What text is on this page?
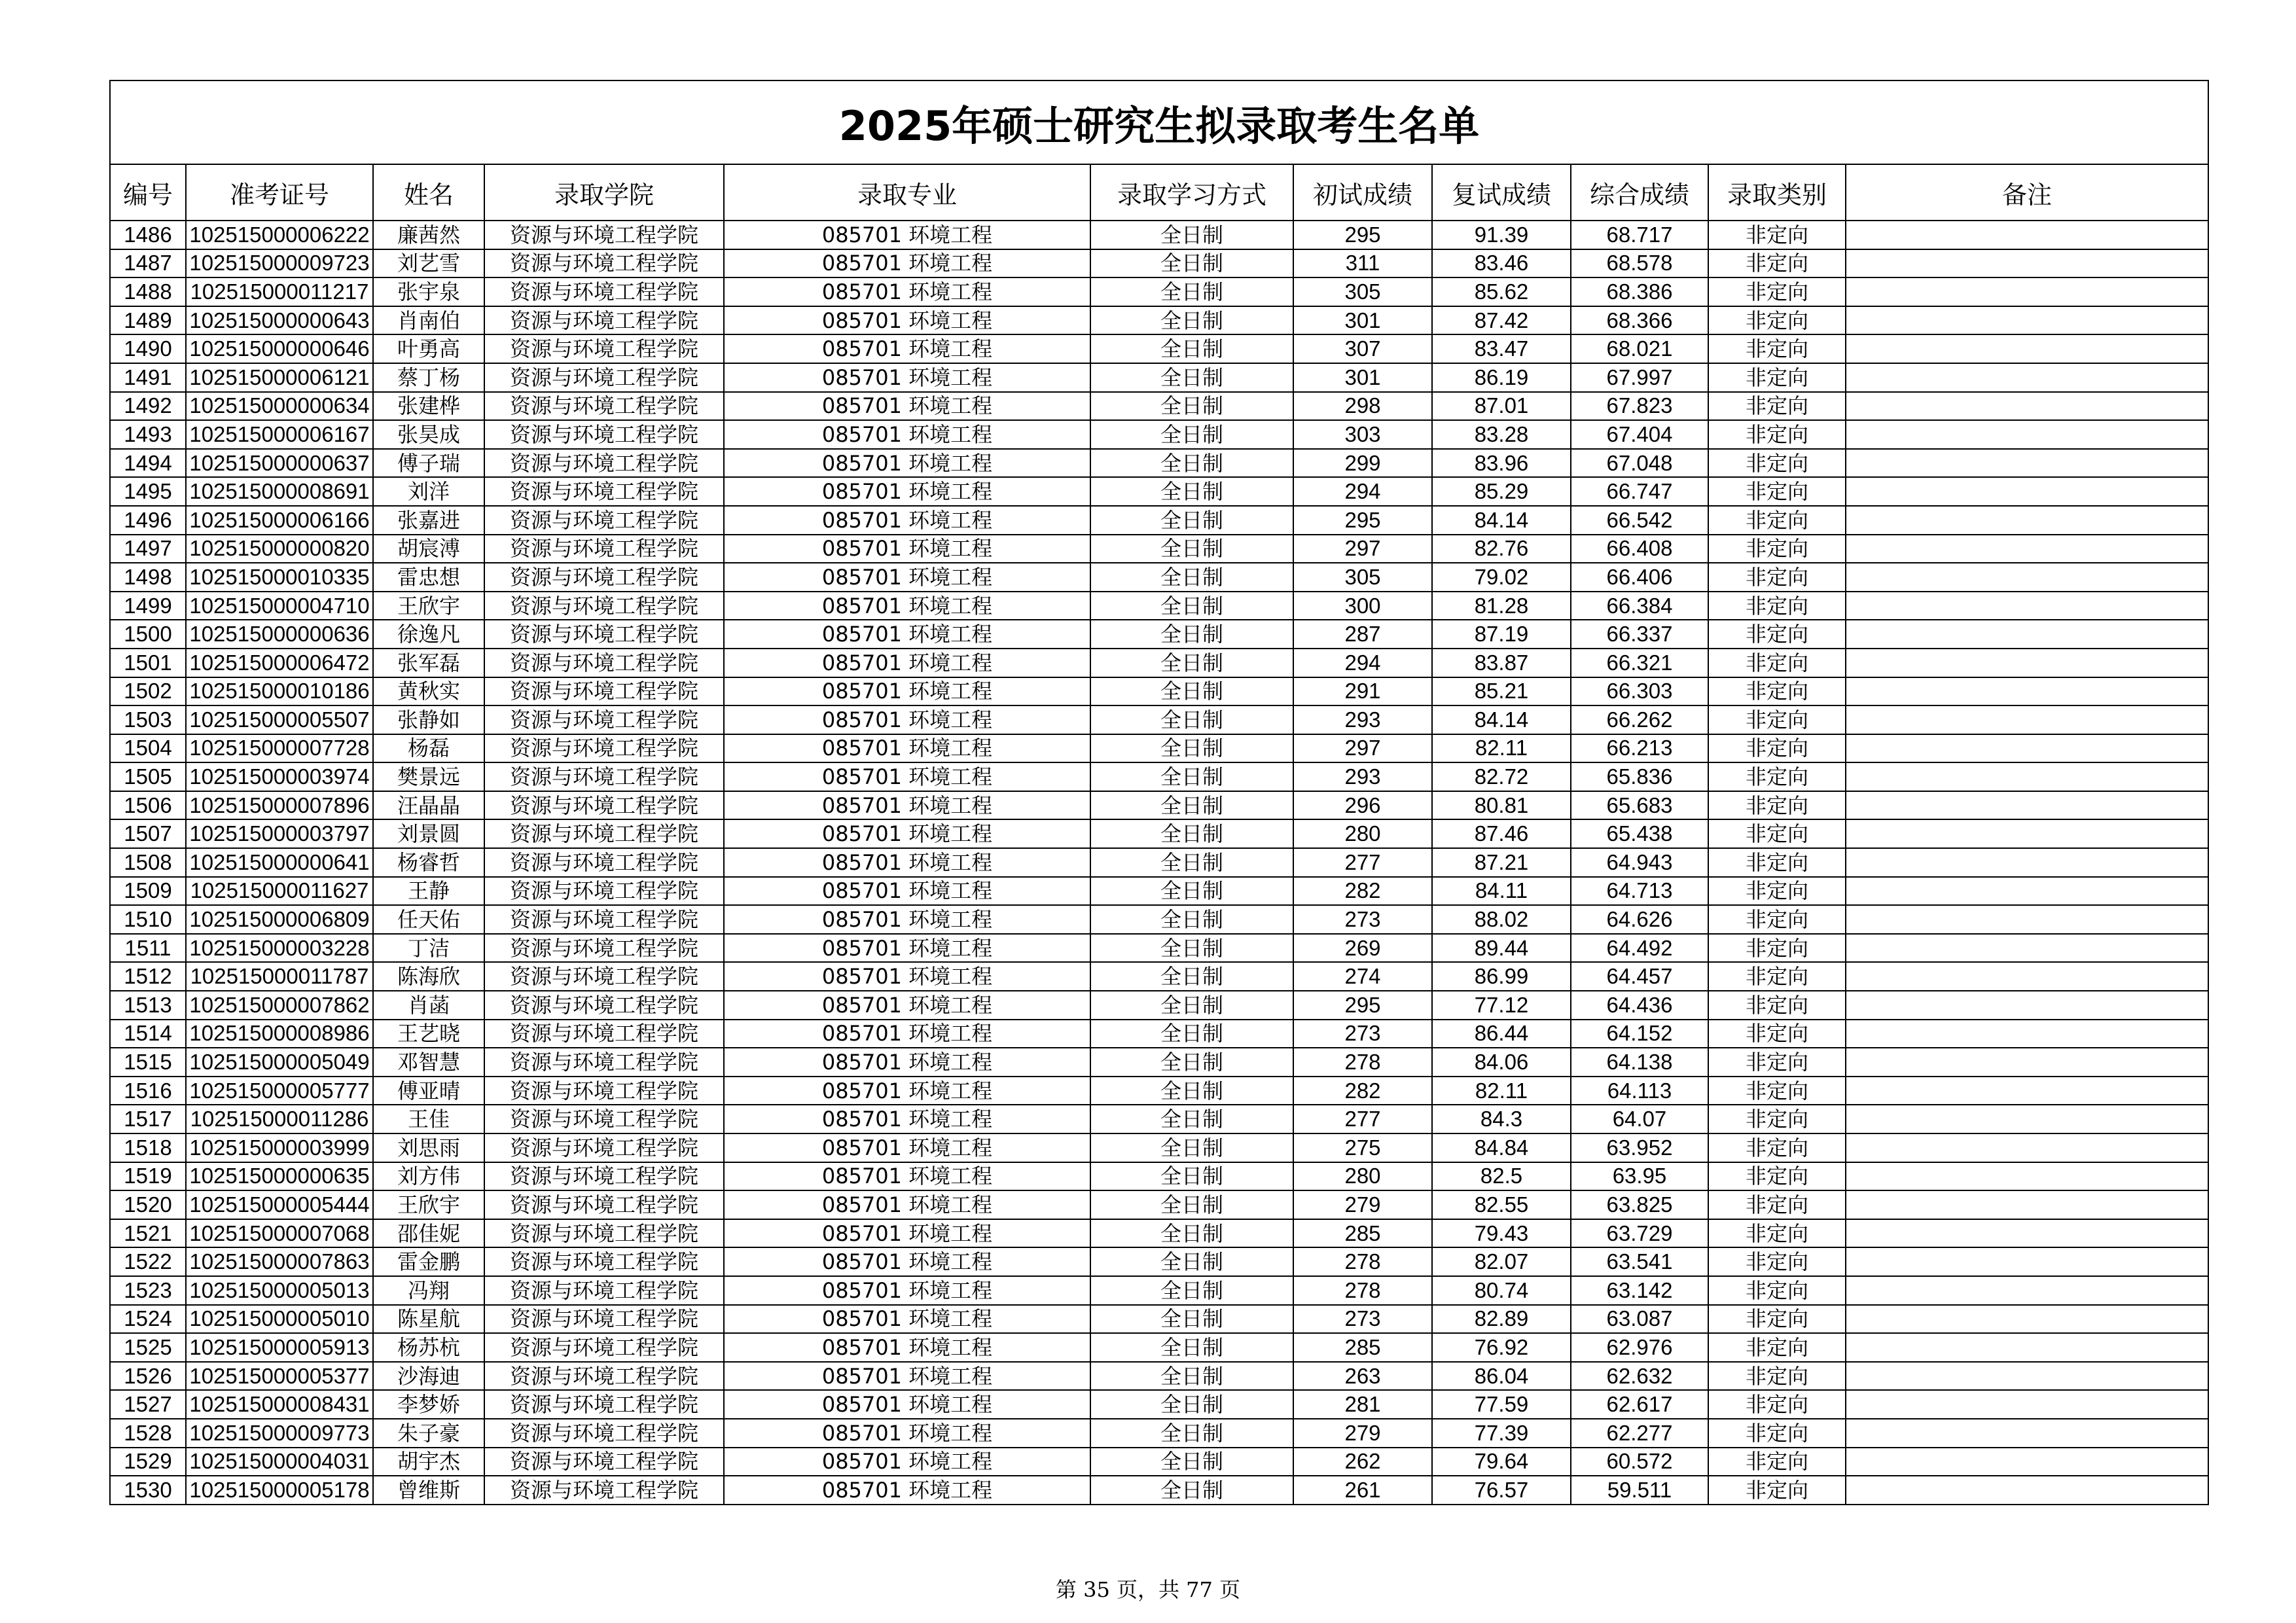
2025年硕士研究生拟录取考生名单										
编号	准考证号	姓名	录取学院	录取专业	录取学习方式	初试成绩	复试成绩	综合成绩	录取类别	备注
1486	102515000006222	廉茜然	资源与环境工程学院	085701 环境工程	全日制	295	91.39	68.717	非定向	
1487	102515000009723	刘艺雪	资源与环境工程学院	085701 环境工程	全日制	311	83.46	68.578	非定向	
1488	102515000011217	张宇泉	资源与环境工程学院	085701 环境工程	全日制	305	85.62	68.386	非定向	
1489	102515000000643	肖南伯	资源与环境工程学院	085701 环境工程	全日制	301	87.42	68.366	非定向	
1490	102515000000646	叶勇高	资源与环境工程学院	085701 环境工程	全日制	307	83.47	68.021	非定向	
1491	102515000006121	蔡丁杨	资源与环境工程学院	085701 环境工程	全日制	301	86.19	67.997	非定向	
1492	102515000000634	张建桦	资源与环境工程学院	085701 环境工程	全日制	298	87.01	67.823	非定向	
1493	102515000006167	张昊成	资源与环境工程学院	085701 环境工程	全日制	303	83.28	67.404	非定向	
1494	102515000000637	傅子瑞	资源与环境工程学院	085701 环境工程	全日制	299	83.96	67.048	非定向	
1495	102515000008691	刘洋	资源与环境工程学院	085701 环境工程	全日制	294	85.29	66.747	非定向	
1496	102515000006166	张嘉进	资源与环境工程学院	085701 环境工程	全日制	295	84.14	66.542	非定向	
1497	102515000000820	胡宸溥	资源与环境工程学院	085701 环境工程	全日制	297	82.76	66.408	非定向	
1498	102515000010335	雷忠想	资源与环境工程学院	085701 环境工程	全日制	305	79.02	66.406	非定向	
1499	102515000004710	王欣宇	资源与环境工程学院	085701 环境工程	全日制	300	81.28	66.384	非定向	
1500	102515000000636	徐逸凡	资源与环境工程学院	085701 环境工程	全日制	287	87.19	66.337	非定向	
1501	102515000006472	张军磊	资源与环境工程学院	085701 环境工程	全日制	294	83.87	66.321	非定向	
1502	102515000010186	黄秋实	资源与环境工程学院	085701 环境工程	全日制	291	85.21	66.303	非定向	
1503	102515000005507	张静如	资源与环境工程学院	085701 环境工程	全日制	293	84.14	66.262	非定向	
1504	102515000007728	杨磊	资源与环境工程学院	085701 环境工程	全日制	297	82.11	66.213	非定向	
1505	102515000003974	樊景远	资源与环境工程学院	085701 环境工程	全日制	293	82.72	65.836	非定向	
1506	102515000007896	汪晶晶	资源与环境工程学院	085701 环境工程	全日制	296	80.81	65.683	非定向	
1507	102515000003797	刘景圆	资源与环境工程学院	085701 环境工程	全日制	280	87.46	65.438	非定向	
1508	102515000000641	杨睿哲	资源与环境工程学院	085701 环境工程	全日制	277	87.21	64.943	非定向	
1509	102515000011627	王静	资源与环境工程学院	085701 环境工程	全日制	282	84.11	64.713	非定向	
1510	102515000006809	任天佑	资源与环境工程学院	085701 环境工程	全日制	273	88.02	64.626	非定向	
1511	102515000003228	丁洁	资源与环境工程学院	085701 环境工程	全日制	269	89.44	64.492	非定向	
1512	102515000011787	陈海欣	资源与环境工程学院	085701 环境工程	全日制	274	86.99	64.457	非定向	
1513	102515000007862	肖菡	资源与环境工程学院	085701 环境工程	全日制	295	77.12	64.436	非定向	
1514	102515000008986	王艺晓	资源与环境工程学院	085701 环境工程	全日制	273	86.44	64.152	非定向	
1515	102515000005049	邓智慧	资源与环境工程学院	085701 环境工程	全日制	278	84.06	64.138	非定向	
1516	102515000005777	傅亚晴	资源与环境工程学院	085701 环境工程	全日制	282	82.11	64.113	非定向	
1517	102515000011286	王佳	资源与环境工程学院	085701 环境工程	全日制	277	84.3	64.07	非定向	
1518	102515000003999	刘思雨	资源与环境工程学院	085701 环境工程	全日制	275	84.84	63.952	非定向	
1519	102515000000635	刘方伟	资源与环境工程学院	085701 环境工程	全日制	280	82.5	63.95	非定向	
1520	102515000005444	王欣宇	资源与环境工程学院	085701 环境工程	全日制	279	82.55	63.825	非定向	
1521	102515000007068	邵佳妮	资源与环境工程学院	085701 环境工程	全日制	285	79.43	63.729	非定向	
1522	102515000007863	雷金鹏	资源与环境工程学院	085701 环境工程	全日制	278	82.07	63.541	非定向	
1523	102515000005013	冯翔	资源与环境工程学院	085701 环境工程	全日制	278	80.74	63.142	非定向	
1524	102515000005010	陈星航	资源与环境工程学院	085701 环境工程	全日制	273	82.89	63.087	非定向	
1525	102515000005913	杨苏杭	资源与环境工程学院	085701 环境工程	全日制	285	76.92	62.976	非定向	
1526	102515000005377	沙海迪	资源与环境工程学院	085701 环境工程	全日制	263	86.04	62.632	非定向	
1527	102515000008431	李梦娇	资源与环境工程学院	085701 环境工程	全日制	281	77.59	62.617	非定向	
1528	102515000009773	朱子豪	资源与环境工程学院	085701 环境工程	全日制	279	77.39	62.277	非定向	
1529	102515000004031	胡宇杰	资源与环境工程学院	085701 环境工程	全日制	262	79.64	60.572	非定向	
1530	102515000005178	曾维斯	资源与环境工程学院	085701 环境工程	全日制	261	76.57	59.511	非定向	
第 35 页，共 77 页
